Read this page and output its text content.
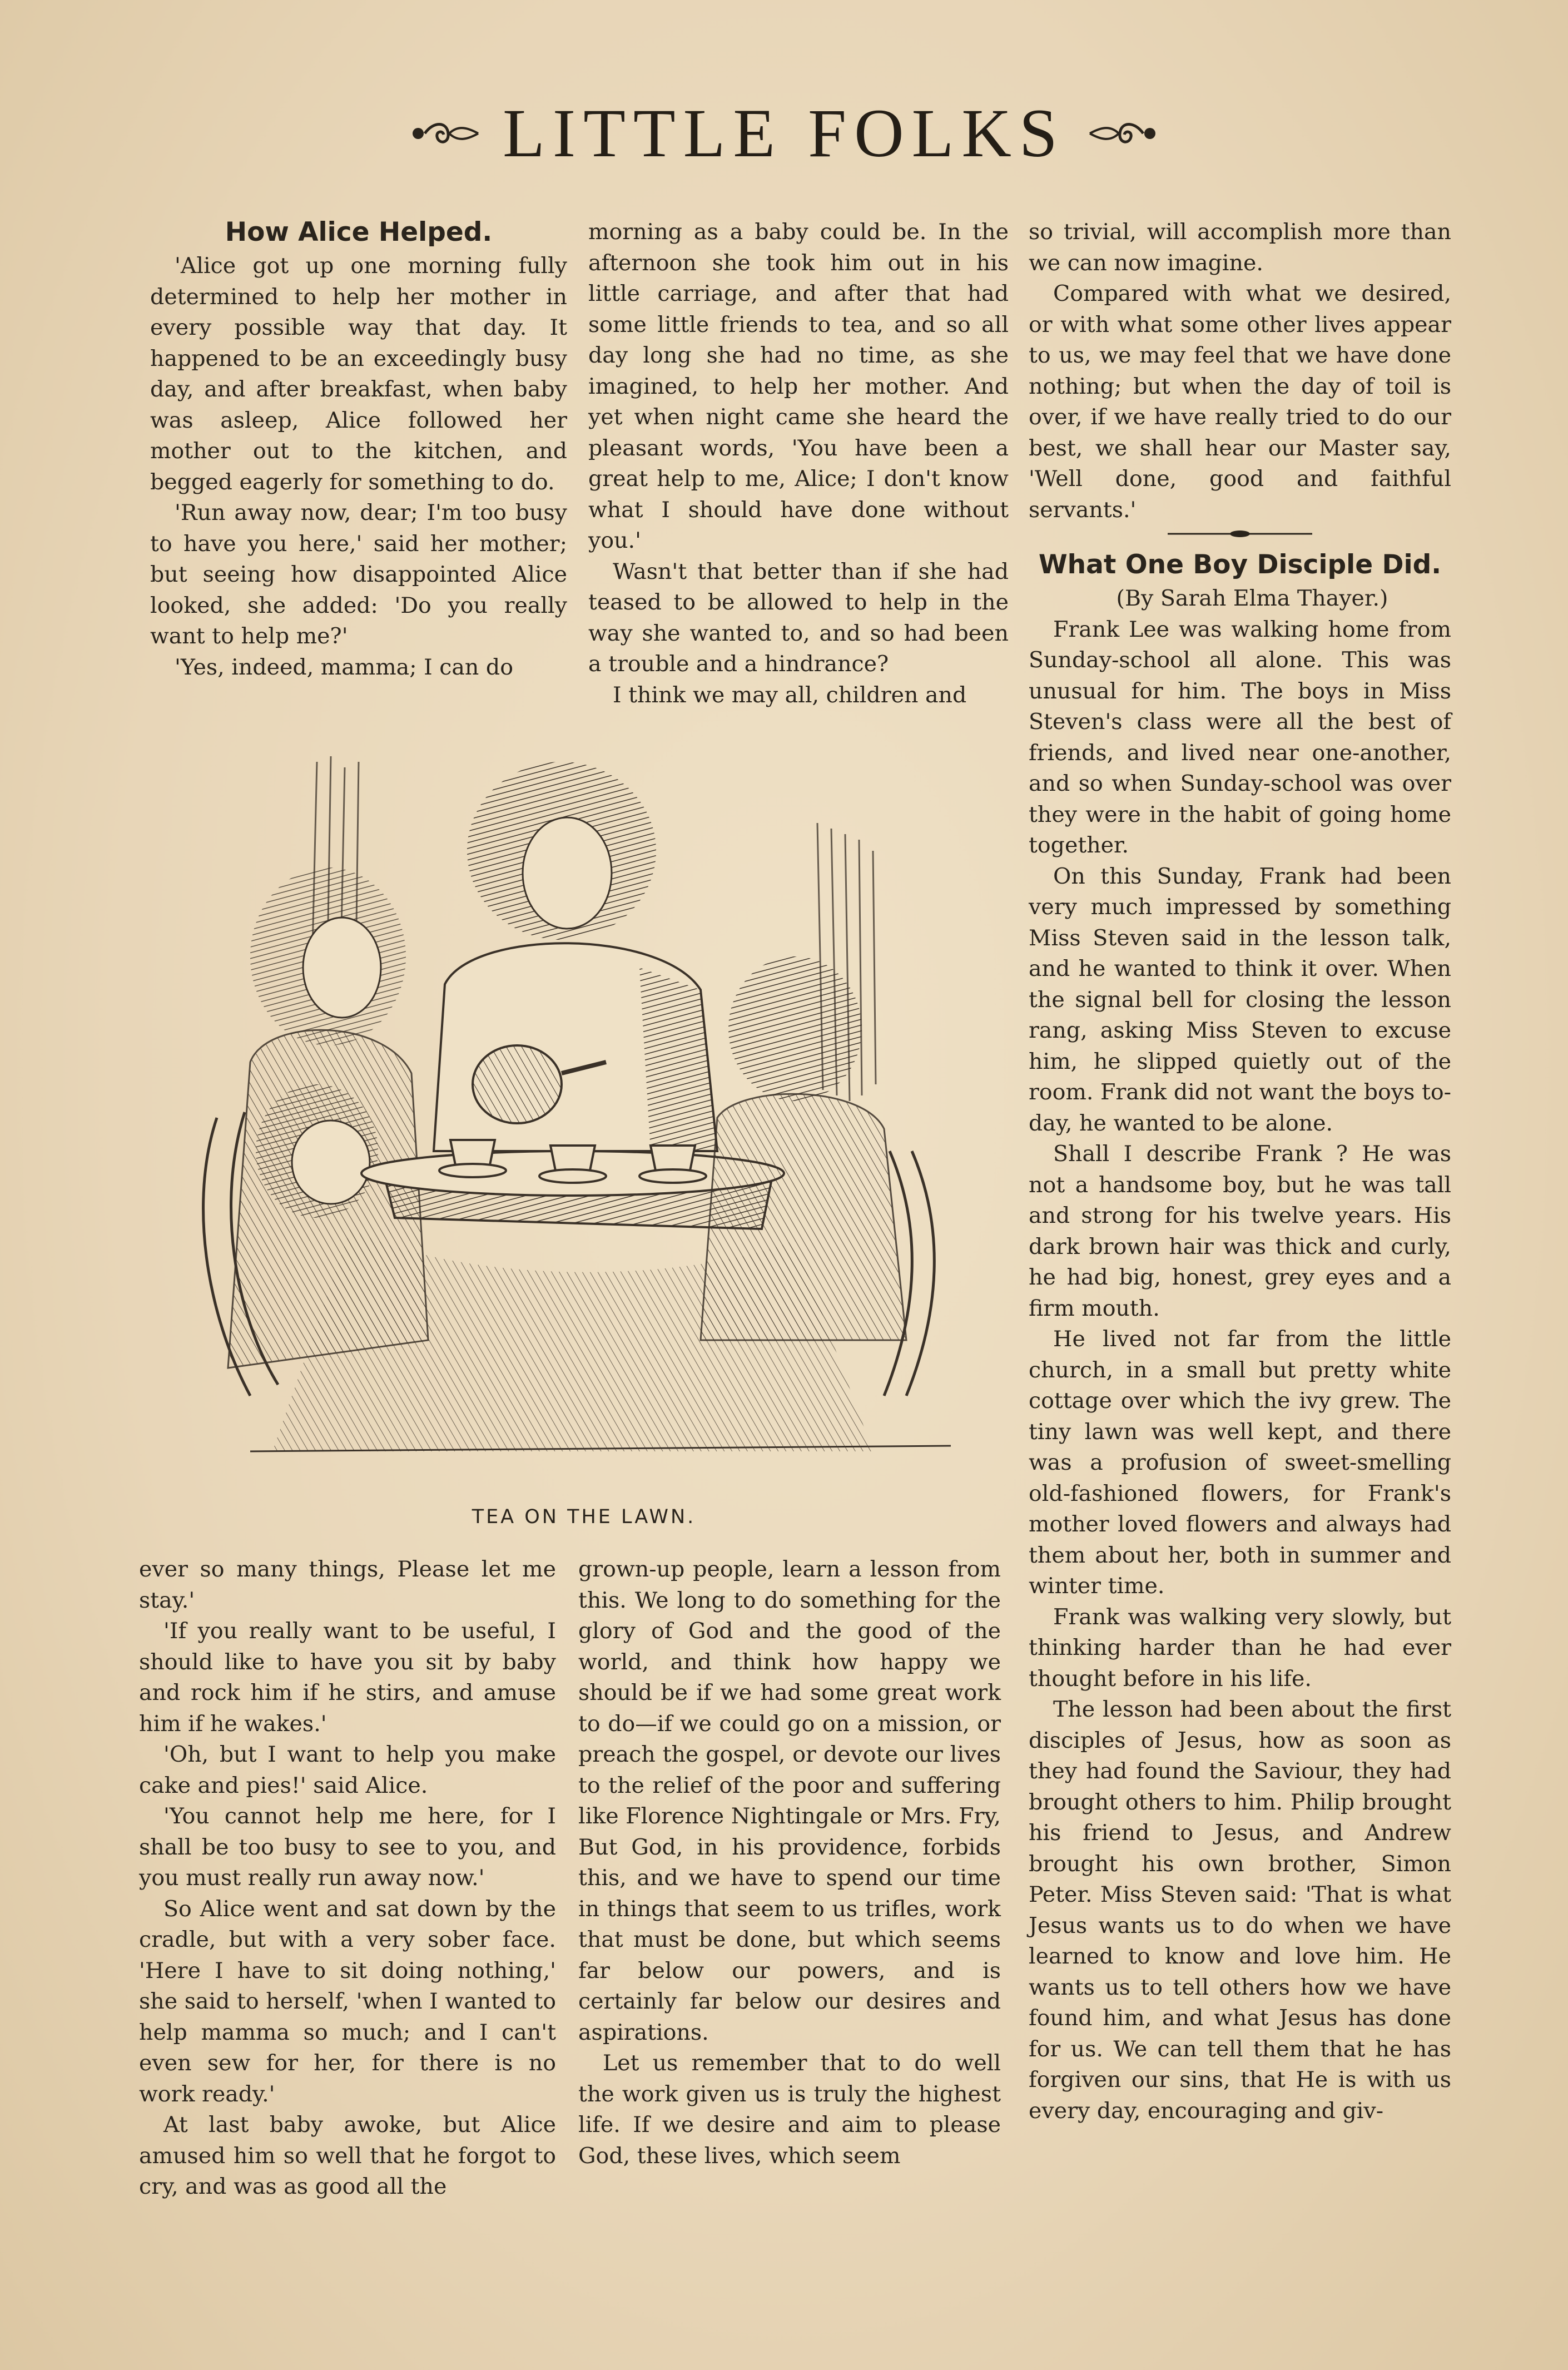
LITTLE FOLKS
How Alice Helped.

'Alice got up one morning fully determined to help her mother in every possible way that day. It happened to be an exceedingly busy day, and after breakfast, when baby was asleep, Alice followed her mother out to the kitchen, and begged eagerly for something to do.

'Run away now, dear; I'm too busy to have you here,' said her mother; but seeing how disappointed Alice looked, she added: 'Do you really want to help me?'

'Yes, indeed, mamma; I can do

morning as a baby could be. In the afternoon she took him out in his little carriage, and after that had some little friends to tea, and so all day long she had no time, as she imagined, to help her mother. And yet when night came she heard the pleasant words, 'You have been a great help to me, Alice; I don't know what I should have done without you.'

Wasn't that better than if she had teased to be allowed to help in the way she wanted to, and so had been a trouble and a hindrance?

I think we may all, children and

TEA ON THE LAWN.

ever so many things, Please let me stay.'

'If you really want to be useful, I should like to have you sit by baby and rock him if he stirs, and amuse him if he wakes.'

'Oh, but I want to help you make cake and pies!' said Alice.

'You cannot help me here, for I shall be too busy to see to you, and you must really run away now.'

So Alice went and sat down by the cradle, but with a very sober face. 'Here I have to sit doing nothing,' she said to herself, 'when I wanted to help mamma so much; and I can't even sew for her, for there is no work ready.'

At last baby awoke, but Alice amused him so well that he forgot to cry, and was as good all the

grown-up people, learn a lesson from this. We long to do something for the glory of God and the good of the world, and think how happy we should be if we had some great work to do—if we could go on a mission, or preach the gospel, or devote our lives to the relief of the poor and suffering like Florence Nightingale or Mrs. Fry, But God, in his providence, forbids this, and we have to spend our time in things that seem to us trifles, work that must be done, but which seems far below our powers, and is certainly far below our desires and aspirations.

Let us remember that to do well the work given us is truly the highest life. If we desire and aim to please God, these lives, which seem

so trivial, will accomplish more than we can now imagine.

Compared with what we desired, or with what some other lives appear to us, we may feel that we have done nothing; but when the day of toil is over, if we have really tried to do our best, we shall hear our Master say, 'Well done, good and faithful servants.'

What One Boy Disciple Did.

(By Sarah Elma Thayer.)

Frank Lee was walking home from Sunday-school all alone. This was unusual for him. The boys in Miss Steven's class were all the best of friends, and lived near one-another, and so when Sunday-school was over they were in the habit of going home together.

On this Sunday, Frank had been very much impressed by something Miss Steven said in the lesson talk, and he wanted to think it over. When the signal bell for closing the lesson rang, asking Miss Steven to excuse him, he slipped quietly out of the room. Frank did not want the boys to-day, he wanted to be alone.

Shall I describe Frank ? He was not a handsome boy, but he was tall and strong for his twelve years. His dark brown hair was thick and curly, he had big, honest, grey eyes and a firm mouth.

He lived not far from the little church, in a small but pretty white cottage over which the ivy grew. The tiny lawn was well kept, and there was a profusion of sweet-smelling old-fashioned flowers, for Frank's mother loved flowers and always had them about her, both in summer and winter time.

Frank was walking very slowly, but thinking harder than he had ever thought before in his life.

The lesson had been about the first disciples of Jesus, how as soon as they had found the Saviour, they had brought others to him. Philip brought his friend to Jesus, and Andrew brought his own brother, Simon Peter. Miss Steven said: 'That is what Jesus wants us to do when we have learned to know and love him. He wants us to tell others how we have found him, and what Jesus has done for us. We can tell them that he has forgiven our sins, that He is with us every day, encouraging and giv-
